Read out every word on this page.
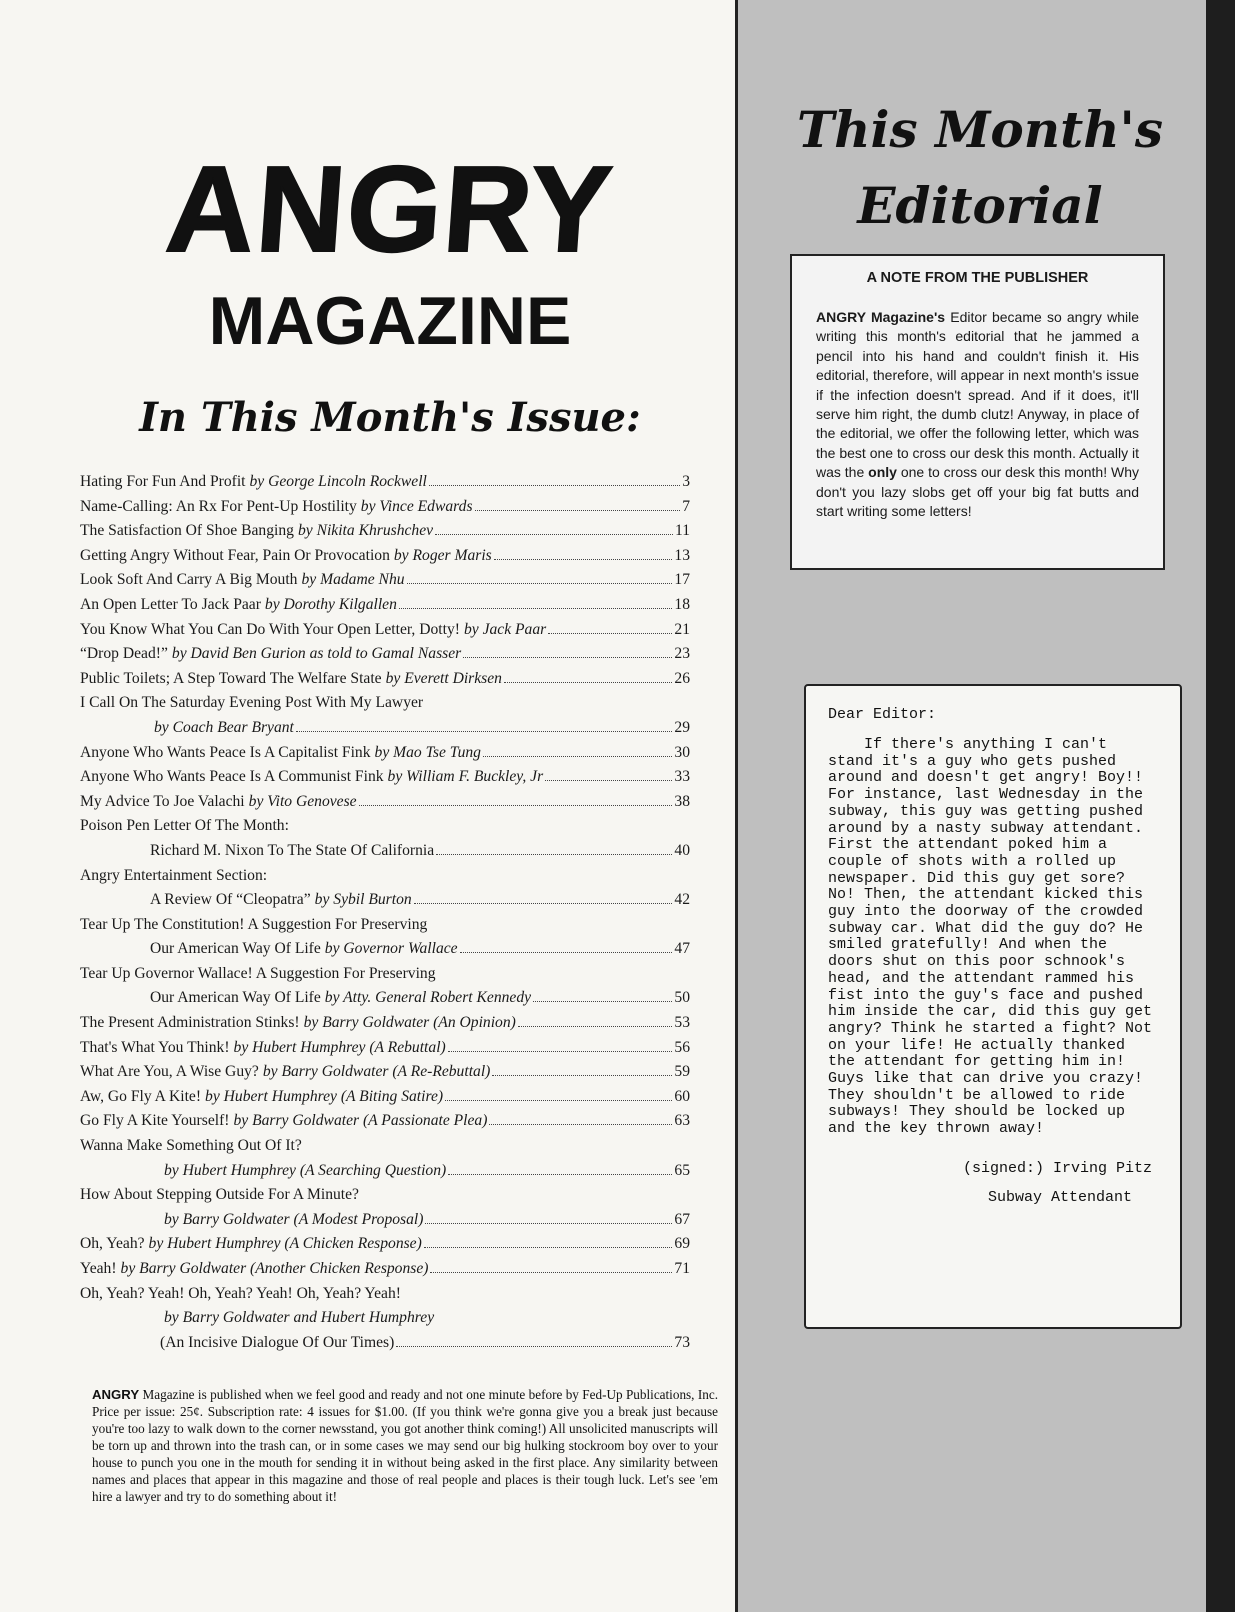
ANGRY
MAGAZINE
In This Month's Issue:
Hating For Fun And Profit by George Lincoln Rockwell	3
Name-Calling: An Rx For Pent-Up Hostility by Vince Edwards	7
The Satisfaction Of Shoe Banging by Nikita Khrushchev	11
Getting Angry Without Fear, Pain Or Provocation by Roger Maris	13
Look Soft And Carry A Big Mouth by Madame Nhu	17
An Open Letter To Jack Paar by Dorothy Kilgallen	18
You Know What You Can Do With Your Open Letter, Dotty! by Jack Paar	21
“Drop Dead!” by David Ben Gurion as told to Gamal Nasser	23
Public Toilets; A Step Toward The Welfare State by Everett Dirksen	26
I Call On The Saturday Evening Post With My Lawyer
by Coach Bear Bryant	29
Anyone Who Wants Peace Is A Capitalist Fink by Mao Tse Tung	30
Anyone Who Wants Peace Is A Communist Fink by William F. Buckley, Jr	33
My Advice To Joe Valachi by Vito Genovese	38
Poison Pen Letter Of The Month:
Richard M. Nixon To The State Of California	40
Angry Entertainment Section:
A Review Of “Cleopatra” by Sybil Burton	42
Tear Up The Constitution! A Suggestion For Preserving
Our American Way Of Life by Governor Wallace	47
Tear Up Governor Wallace! A Suggestion For Preserving
Our American Way Of Life by Atty. General Robert Kennedy	50
The Present Administration Stinks! by Barry Goldwater (An Opinion)	53
That's What You Think! by Hubert Humphrey (A Rebuttal)	56
What Are You, A Wise Guy? by Barry Goldwater (A Re-Rebuttal)	59
Aw, Go Fly A Kite! by Hubert Humphrey (A Biting Satire)	60
Go Fly A Kite Yourself! by Barry Goldwater (A Passionate Plea)	63
Wanna Make Something Out Of It?
by Hubert Humphrey (A Searching Question)	65
How About Stepping Outside For A Minute?
by Barry Goldwater (A Modest Proposal)	67
Oh, Yeah? by Hubert Humphrey (A Chicken Response)	69
Yeah! by Barry Goldwater (Another Chicken Response)	71
Oh, Yeah? Yeah! Oh, Yeah? Yeah! Oh, Yeah? Yeah!
by Barry Goldwater and Hubert Humphrey
(An Incisive Dialogue Of Our Times)	73
ANGRY Magazine is published when we feel good and ready and not one minute before by Fed-Up Publications, Inc. Price per issue: 25¢. Subscription rate: 4 issues for $1.00. (If you think we're gonna give you a break just because you're too lazy to walk down to the corner newsstand, you got another think coming!) All unsolicited manuscripts will be torn up and thrown into the trash can, or in some cases we may send our big hulking stockroom boy over to your house to punch you one in the mouth for sending it in without being asked in the first place. Any similarity between names and places that appear in this magazine and those of real people and places is their tough luck. Let's see 'em hire a lawyer and try to do something about it!
This Month's
Editorial
A NOTE FROM THE PUBLISHER
ANGRY Magazine's Editor became so angry while writing this month's editorial that he jammed a pencil into his hand and couldn't finish it. His editorial, therefore, will appear in next month's issue if the infection doesn't spread. And if it does, it'll serve him right, the dumb clutz! Anyway, in place of the editorial, we offer the following letter, which was the best one to cross our desk this month. Actually it was the only one to cross our desk this month! Why don't you lazy slobs get off your big fat butts and start writing some letters!
Dear Editor:
If there's anything I can't stand it's a guy who gets pushed around and doesn't get angry! Boy!! For instance, last Wednesday in the subway, this guy was getting pushed around by a nasty subway attendant. First the attendant poked him a couple of shots with a rolled up newspaper. Did this guy get sore? No! Then, the attendant kicked this guy into the doorway of the crowded subway car. What did the guy do? He smiled gratefully! And when the doors shut on this poor schnook's head, and the attendant rammed his fist into the guy's face and pushed him inside the car, did this guy get angry? Think he started a fight? Not on your life! He actually thanked the attendant for getting him in! Guys like that can drive you crazy! They shouldn't be allowed to ride subways! They should be locked up and the key thrown away!
(signed:) Irving Pitz
Subway Attendant
